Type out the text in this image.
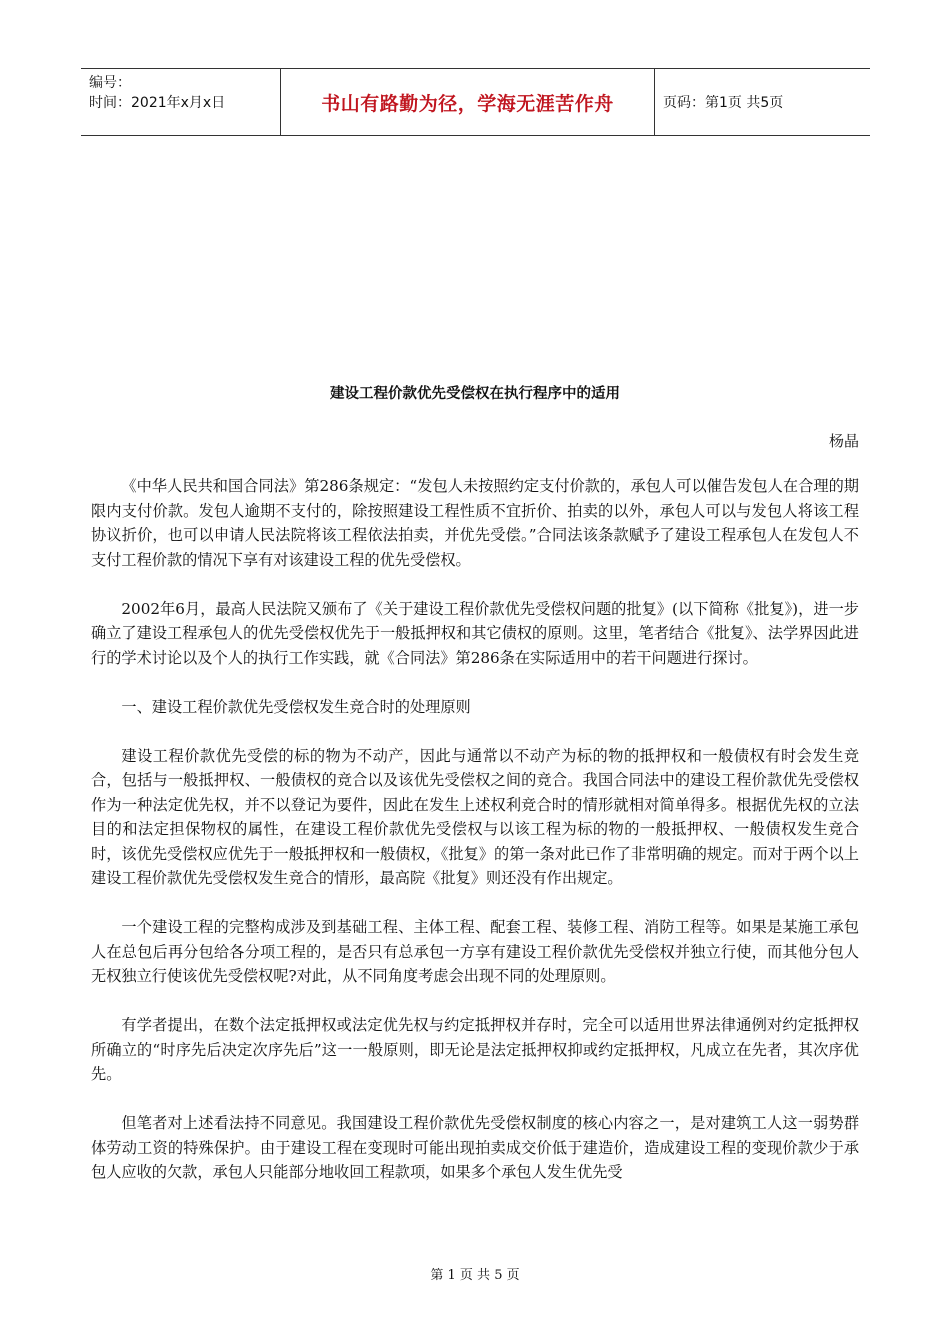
编号：
时间：2021年x月x日	书山有路勤为径，学海无涯苦作舟	页码：第1页 共5页
建设工程价款优先受偿权在执行程序中的适用
杨晶

《中华人民共和国合同法》第286条规定：“发包人未按照约定支付价款的，承包人可以催告发包人在合理的期限内支付价款。发包人逾期不支付的，除按照建设工程性质不宜折价、拍卖的以外，承包人可以与发包人将该工程协议折价，也可以申请人民法院将该工程依法拍卖，并优先受偿。”合同法该条款赋予了建设工程承包人在发包人不支付工程价款的情况下享有对该建设工程的优先受偿权。

2002年6月，最高人民法院又颁布了《关于建设工程价款优先受偿权问题的批复》(以下简称《批复》)，进一步确立了建设工程承包人的优先受偿权优先于一般抵押权和其它债权的原则。这里，笔者结合《批复》、法学界因此进行的学术讨论以及个人的执行工作实践，就《合同法》第286条在实际适用中的若干问题进行探讨。

一、建设工程价款优先受偿权发生竞合时的处理原则

建设工程价款优先受偿的标的物为不动产，因此与通常以不动产为标的物的抵押权和一般债权有时会发生竞合，包括与一般抵押权、一般债权的竞合以及该优先受偿权之间的竞合。我国合同法中的建设工程价款优先受偿权作为一种法定优先权，并不以登记为要件，因此在发生上述权利竞合时的情形就相对简单得多。根据优先权的立法目的和法定担保物权的属性，在建设工程价款优先受偿权与以该工程为标的物的一般抵押权、一般债权发生竞合时，该优先受偿权应优先于一般抵押权和一般债权，《批复》的第一条对此已作了非常明确的规定。而对于两个以上建设工程价款优先受偿权发生竞合的情形，最高院《批复》则还没有作出规定。

一个建设工程的完整构成涉及到基础工程、主体工程、配套工程、装修工程、消防工程等。如果是某施工承包人在总包后再分包给各分项工程的，是否只有总承包一方享有建设工程价款优先受偿权并独立行使，而其他分包人无权独立行使该优先受偿权呢?对此，从不同角度考虑会出现不同的处理原则。

有学者提出，在数个法定抵押权或法定优先权与约定抵押权并存时，完全可以适用世界法律通例对约定抵押权所确立的“时序先后决定次序先后”这一一般原则，即无论是法定抵押权抑或约定抵押权，凡成立在先者，其次序优先。

但笔者对上述看法持不同意见。我国建设工程价款优先受偿权制度的核心内容之一，是对建筑工人这一弱势群体劳动工资的特殊保护。由于建设工程在变现时可能出现拍卖成交价低于建造价，造成建设工程的变现价款少于承包人应收的欠款，承包人只能部分地收回工程款项，如果多个承包人发生优先受

第 1 页 共 5 页
